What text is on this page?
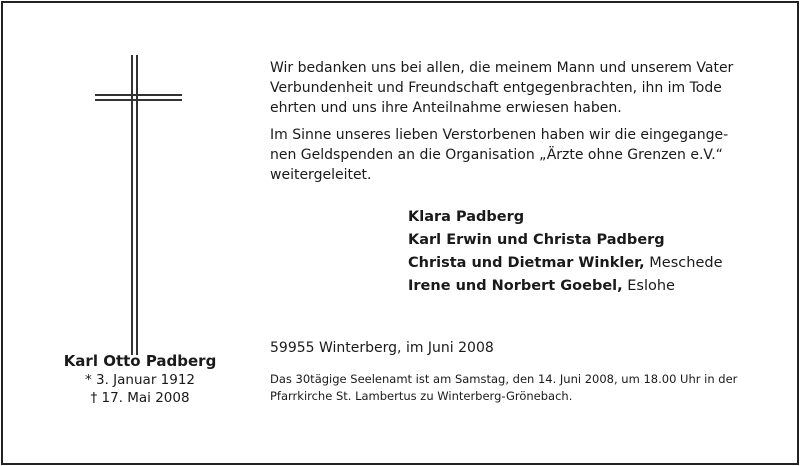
Karl Otto Padberg
* 3. Januar 1912
† 17. Mai 2008
Wir bedanken uns bei allen, die meinem Mann und unserem Vater
Verbundenheit und Freundschaft entgegenbrachten, ihn im Tode
ehrten und uns ihre Anteilnahme erwiesen haben.
Im Sinne unseres lieben Verstorbenen haben wir die eingegange-
nen Geldspenden an die Organisation „Ärzte ohne Grenzen e.V.“
weitergeleitet.
Klara Padberg
Karl Erwin und Christa Padberg
Christa und Dietmar Winkler, Meschede
Irene und Norbert Goebel, Eslohe
59955 Winterberg, im Juni 2008
Das 30tägige Seelenamt ist am Samstag, den 14. Juni 2008, um 18.00 Uhr in der
Pfarrkirche St. Lambertus zu Winterberg-Grönebach.
